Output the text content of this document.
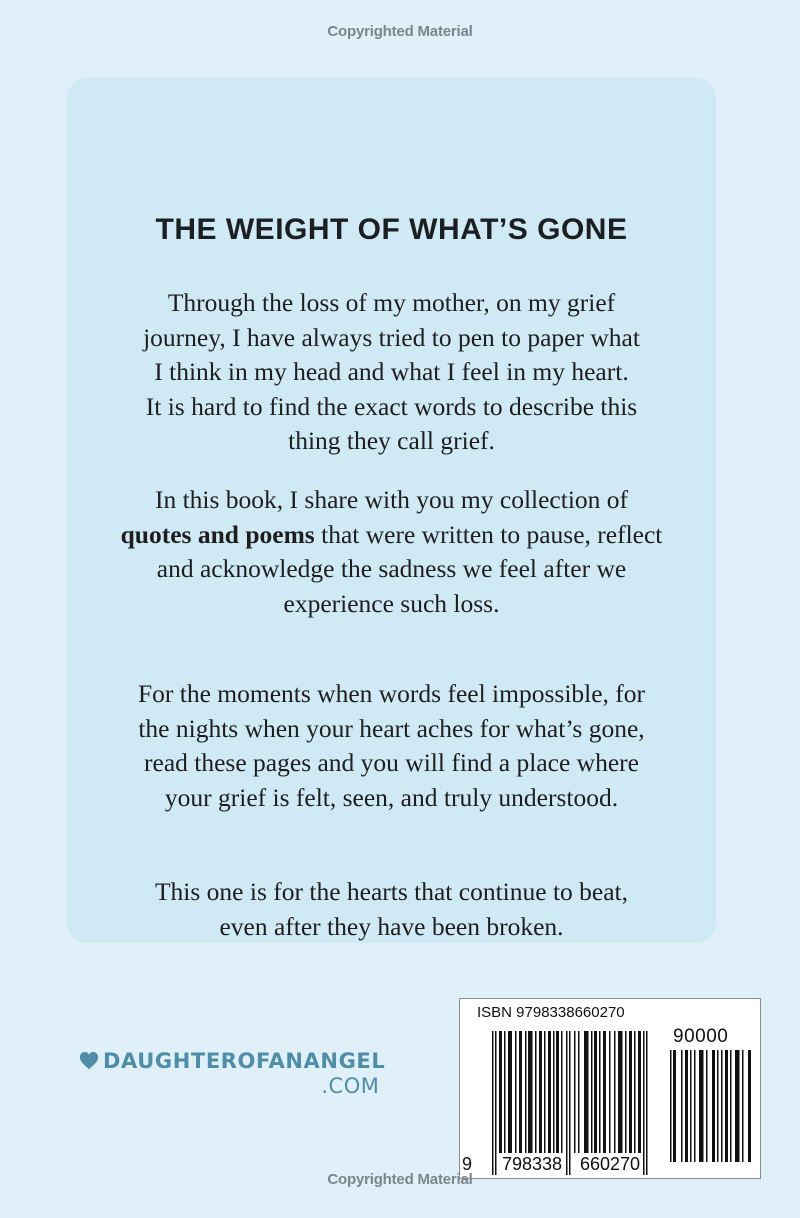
Copyrighted Material
THE WEIGHT OF WHAT’S GONE
Through the loss of my mother, on my grief
journey, I have always tried to pen to paper what
I think in my head and what I feel in my heart.
It is hard to find the exact words to describe this
thing they call grief.
In this book, I share with you my collection of
quotes and poems that were written to pause, reflect
and acknowledge the sadness we feel after we
experience such loss.
For the moments when words feel impossible, for
the nights when your heart aches for what’s gone,
read these pages and you will find a place where
your grief is felt, seen, and truly understood.
This one is for the hearts that continue to beat,
even after they have been broken.
DAUGHTEROFANANGEL
.COM
ISBN 9798338660270
90000
9 798338 660270
Copyrighted Material
